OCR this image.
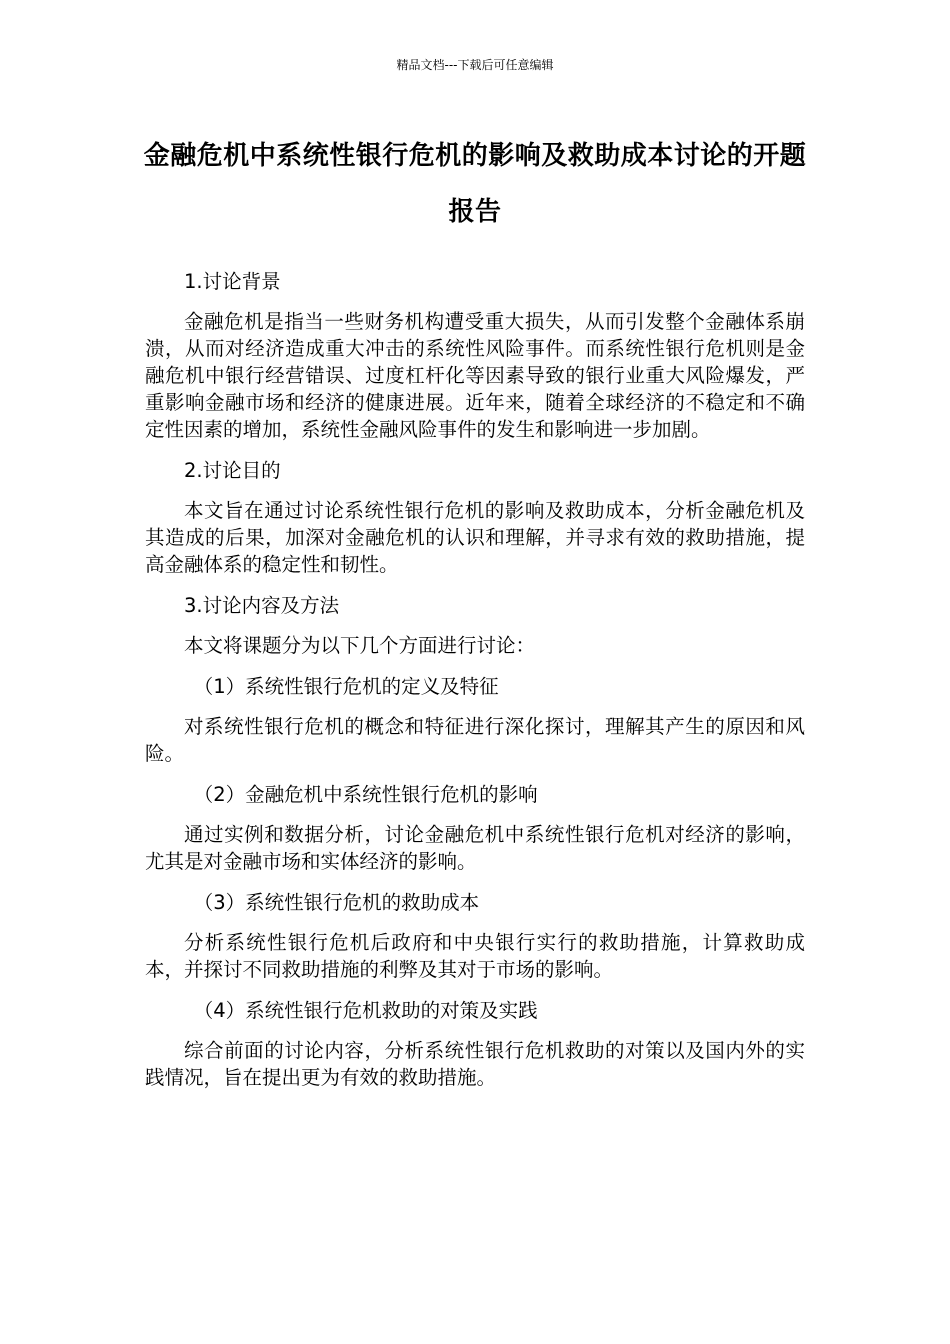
精品文档---下载后可任意编辑
金融危机中系统性银行危机的影响及救助成本讨论的开题报告
1.讨论背景
金融危机是指当一些财务机构遭受重大损失，从而引发整个金融体系崩溃，从而对经济造成重大冲击的系统性风险事件。而系统性银行危机则是金融危机中银行经营错误、过度杠杆化等因素导致的银行业重大风险爆发，严重影响金融市场和经济的健康进展。近年来，随着全球经济的不稳定和不确定性因素的增加，系统性金融风险事件的发生和影响进一步加剧。
2.讨论目的
本文旨在通过讨论系统性银行危机的影响及救助成本，分析金融危机及其造成的后果，加深对金融危机的认识和理解，并寻求有效的救助措施，提高金融体系的稳定性和韧性。
3.讨论内容及方法
本文将课题分为以下几个方面进行讨论：
（1）系统性银行危机的定义及特征
对系统性银行危机的概念和特征进行深化探讨，理解其产生的原因和风险。
（2）金融危机中系统性银行危机的影响
通过实例和数据分析，讨论金融危机中系统性银行危机对经济的影响，尤其是对金融市场和实体经济的影响。
（3）系统性银行危机的救助成本
分析系统性银行危机后政府和中央银行实行的救助措施，计算救助成本，并探讨不同救助措施的利弊及其对于市场的影响。
（4）系统性银行危机救助的对策及实践
综合前面的讨论内容，分析系统性银行危机救助的对策以及国内外的实践情况，旨在提出更为有效的救助措施。
